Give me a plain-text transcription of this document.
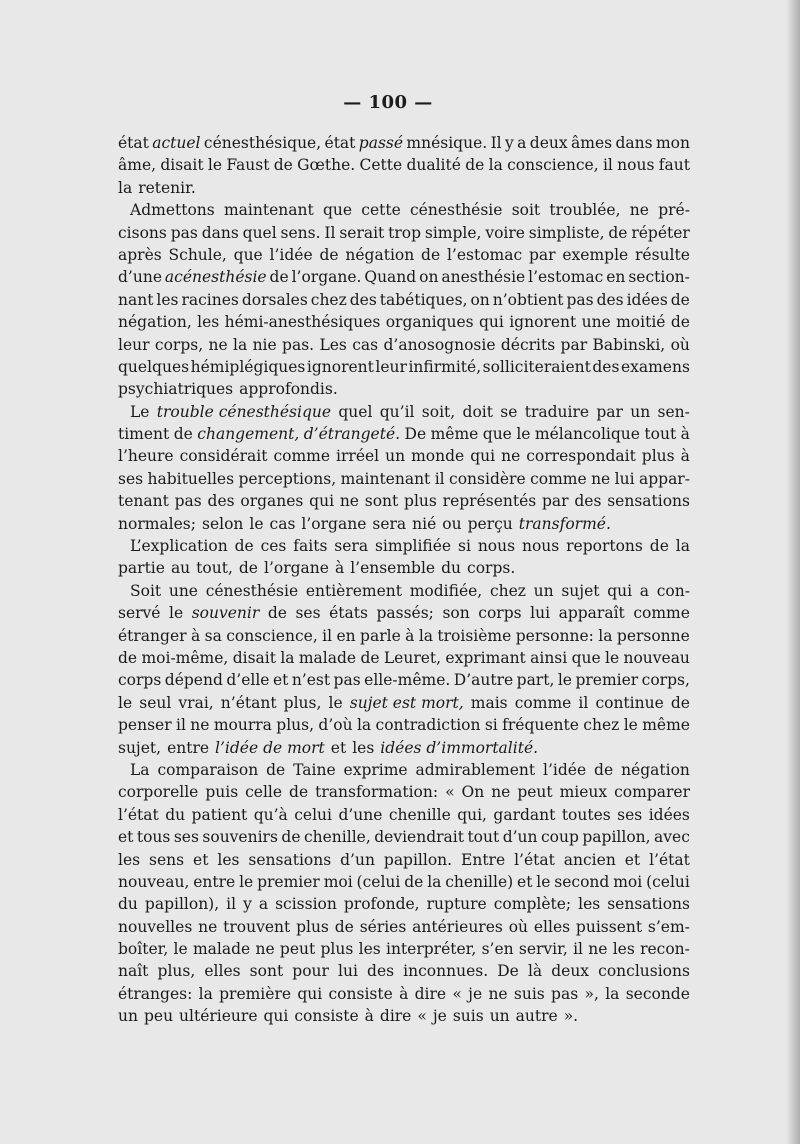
— 100 —
état actuel cénesthésique, état passé mnésique. Il y a deux âmes dans mon
âme, disait le Faust de Gœthe. Cette dualité de la conscience, il nous faut
la retenir.
Admettons maintenant que cette cénesthésie soit troublée, ne pré-
cisons pas dans quel sens. Il serait trop simple, voire simpliste, de répéter
après Schule, que l’idée de négation de l’estomac par exemple résulte
d’une acénesthésie de l’organe. Quand on anesthésie l’estomac en section-
nant les racines dorsales chez des tabétiques, on n’obtient pas des idées de
négation, les hémi-anesthésiques organiques qui ignorent une moitié de
leur corps, ne la nie pas. Les cas d’anosognosie décrits par Babinski, où
quelques hémiplégiques ignorent leur infirmité, solliciteraient des examens
psychiatriques approfondis.
Le trouble cénesthésique quel qu’il soit, doit se traduire par un sen-
timent de changement, d’étrangeté. De même que le mélancolique tout à
l’heure considérait comme irréel un monde qui ne correspondait plus à
ses habituelles perceptions, maintenant il considère comme ne lui appar-
tenant pas des organes qui ne sont plus représentés par des sensations
normales; selon le cas l’organe sera nié ou perçu transformé.
L’explication de ces faits sera simplifiée si nous nous reportons de la
partie au tout, de l’organe à l’ensemble du corps.
Soit une cénesthésie entièrement modifiée, chez un sujet qui a con-
servé le souvenir de ses états passés; son corps lui apparaît comme
étranger à sa conscience, il en parle à la troisième personne: la personne
de moi-même, disait la malade de Leuret, exprimant ainsi que le nouveau
corps dépend d’elle et n’est pas elle-même. D’autre part, le premier corps,
le seul vrai, n’étant plus, le sujet est mort, mais comme il continue de
penser il ne mourra plus, d’où la contradiction si fréquente chez le même
sujet, entre l’idée de mort et les idées d’immortalité.
La comparaison de Taine exprime admirablement l’idée de négation
corporelle puis celle de transformation: « On ne peut mieux comparer
l’état du patient qu’à celui d’une chenille qui, gardant toutes ses idées
et tous ses souvenirs de chenille, deviendrait tout d’un coup papillon, avec
les sens et les sensations d’un papillon. Entre l’état ancien et l’état
nouveau, entre le premier moi (celui de la chenille) et le second moi (celui
du papillon), il y a scission profonde, rupture complète; les sensations
nouvelles ne trouvent plus de séries antérieures où elles puissent s’em-
boîter, le malade ne peut plus les interpréter, s’en servir, il ne les recon-
naît plus, elles sont pour lui des inconnues. De là deux conclusions
étranges: la première qui consiste à dire « je ne suis pas », la seconde
un peu ultérieure qui consiste à dire « je suis un autre ».
